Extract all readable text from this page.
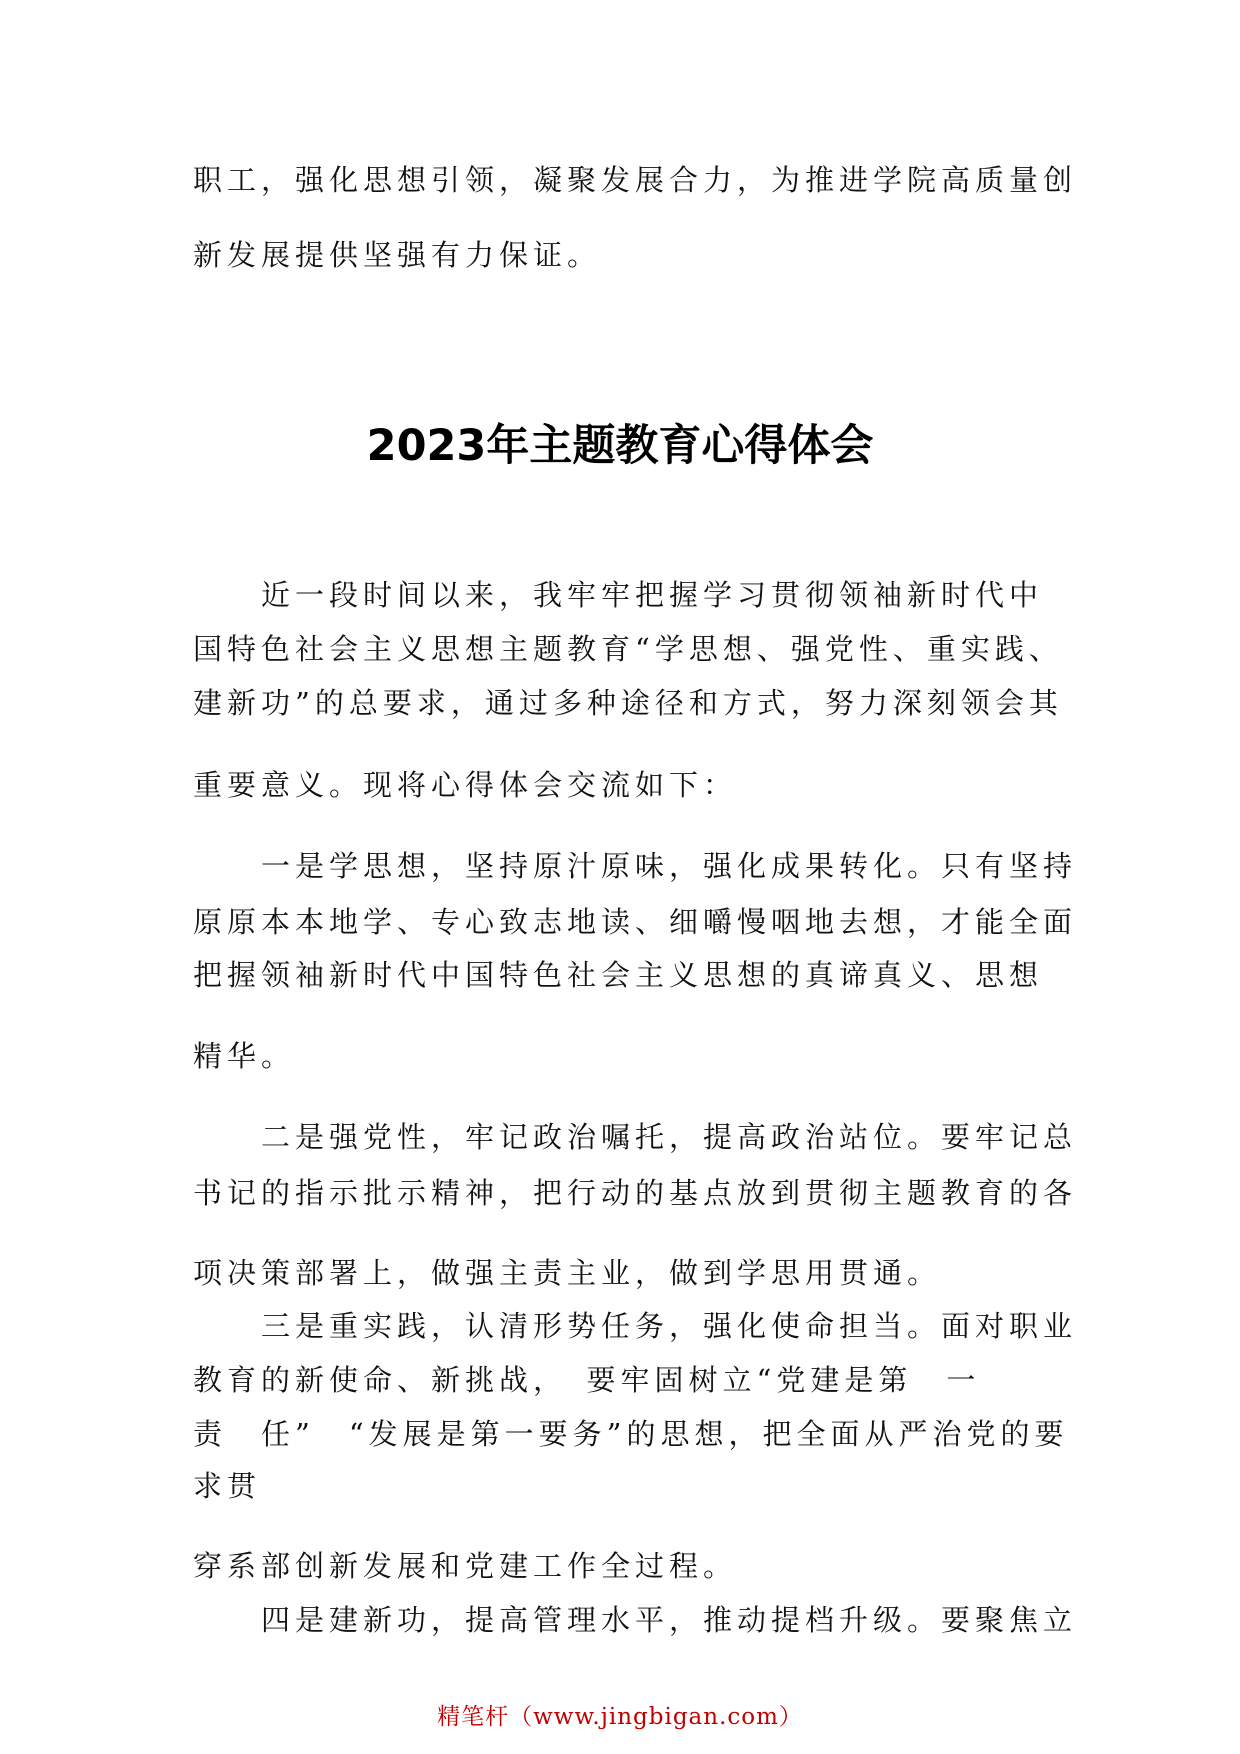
职工，强化思想引领，凝聚发展合力，为推进学院高质量创
新发展提供坚强有力保证。
2023年主题教育心得体会
　　近一段时间以来，我牢牢把握学习贯彻领袖新时代中
国特色社会主义思想主题教育“学思想、强党性、重实践、
建新功”的总要求，通过多种途径和方式，努力深刻领会其
重要意义。现将心得体会交流如下：
　　一是学思想，坚持原汁原味，强化成果转化。只有坚持
原原本本地学、专心致志地读、细嚼慢咽地去想，才能全面
把握领袖新时代中国特色社会主义思想的真谛真义、思想
精华。
　　二是强党性，牢记政治嘱托，提高政治站位。要牢记总
书记的指示批示精神，把行动的基点放到贯彻主题教育的各
项决策部署上，做强主责主业，做到学思用贯通。
　　三是重实践，认清形势任务，强化使命担当。面对职业
教育的新使命、新挑战，　要牢固树立“党建是第　一
责　任”　“发展是第一要务”的思想，把全面从严治党的要
求贯
穿系部创新发展和党建工作全过程。
　　四是建新功，提高管理水平，推动提档升级。要聚焦立
精笔杆（www.jingbigan.com）
